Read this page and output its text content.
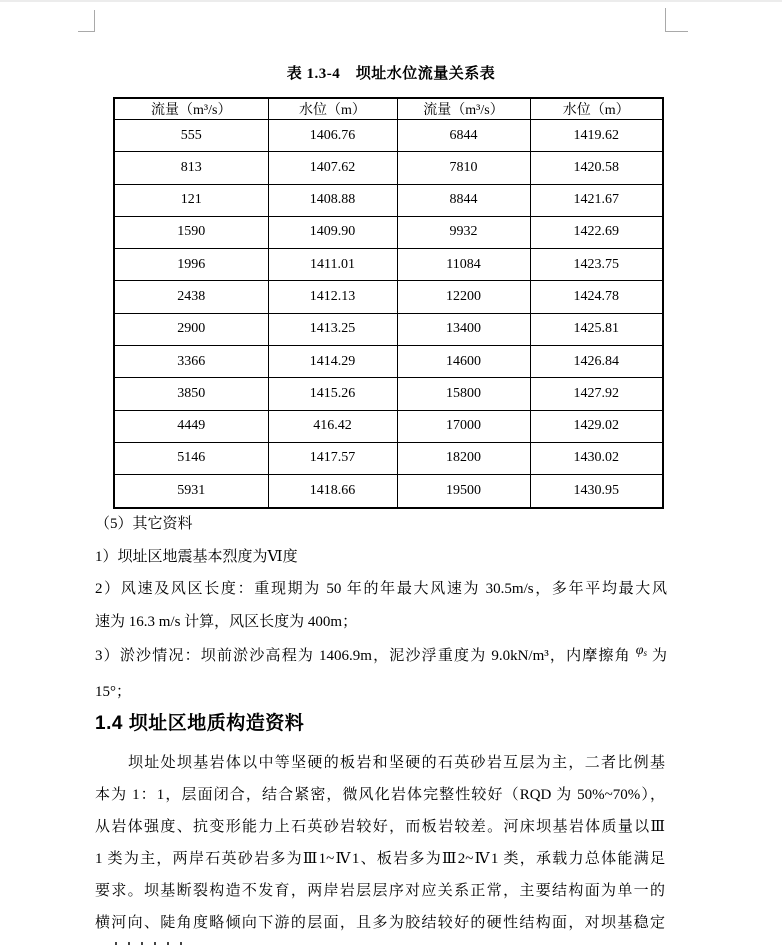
表 1.3-4　坝址水位流量关系表
流量（m³/s）	水位（m）	流量（m³/s）	水位（m）
555	1406.76	6844	1419.62
813	1407.62	7810	1420.58
121	1408.88	8844	1421.67
1590	1409.90	9932	1422.69
1996	1411.01	11084	1423.75
2438	1412.13	12200	1424.78
2900	1413.25	13400	1425.81
3366	1414.29	14600	1426.84
3850	1415.26	15800	1427.92
4449	416.42	17000	1429.02
5146	1417.57	18200	1430.02
5931	1418.66	19500	1430.95
（5）其它资料
1）坝址区地震基本烈度为Ⅵ度
2）风速及风区长度：重现期为 50 年的年最大风速为 30.5m/s，多年平均最大风
速为 16.3 m/s 计算，风区长度为 400m；
3）淤沙情况：坝前淤沙高程为 1406.9m，泥沙浮重度为 9.0kN/m³，内摩擦角 φs 为
15°；
1.4 坝址区地质构造资料
坝址处坝基岩体以中等坚硬的板岩和坚硬的石英砂岩互层为主，二者比例基
本为 1：1，层面闭合，结合紧密，微风化岩体完整性较好（RQD 为 50%~70%），
从岩体强度、抗变形能力上石英砂岩较好，而板岩较差。河床坝基岩体质量以Ⅲ
1 类为主，两岸石英砂岩多为Ⅲ1~Ⅳ1、板岩多为Ⅲ2~Ⅳ1 类，承载力总体能满足
要求。坝基断裂构造不发育，两岸岩层层序对应关系正常，主要结构面为单一的
横河向、陡角度略倾向下游的层面，且多为胶结较好的硬性结构面，对坝基稳定
